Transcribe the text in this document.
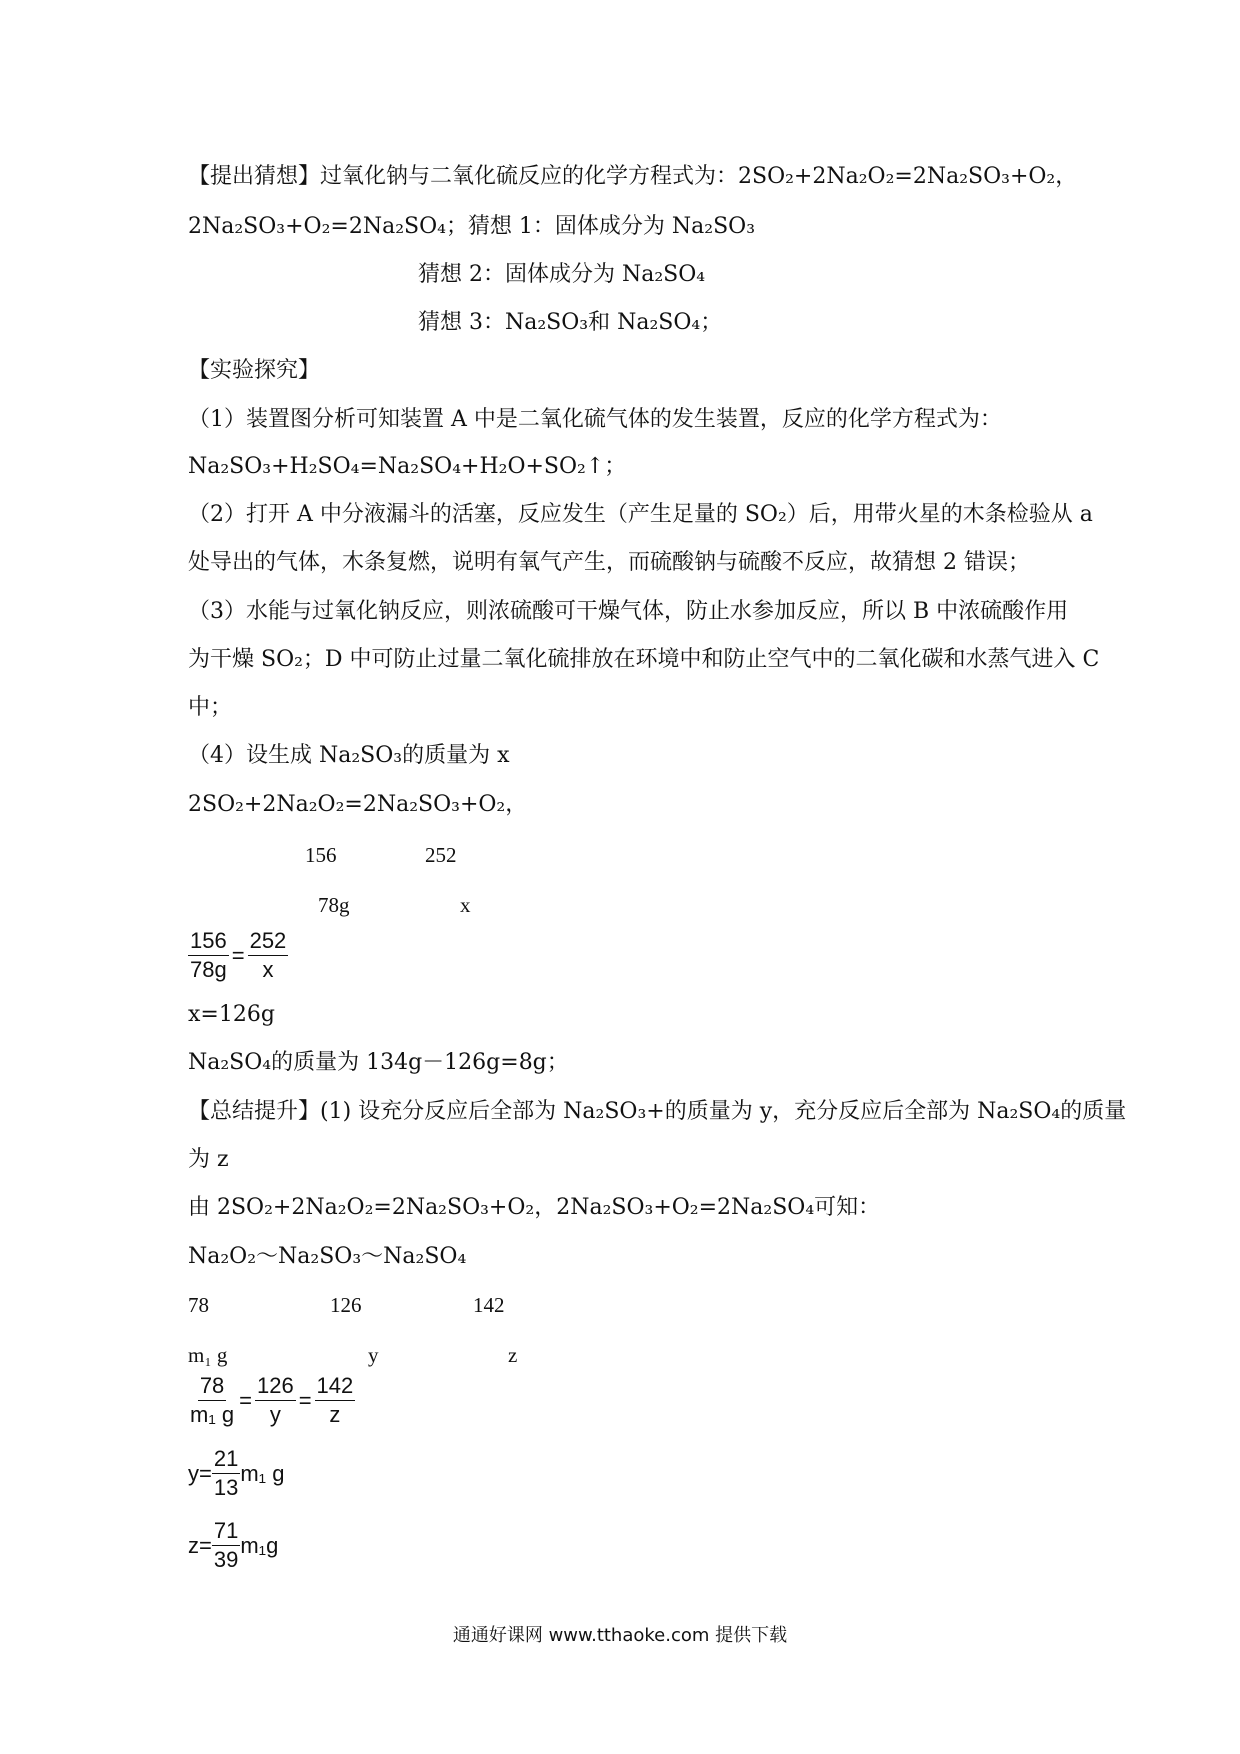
【提出猜想】过氧化钠与二氧化硫反应的化学方程式为：2SO₂+2Na₂O₂=2Na₂SO₃+O₂，
2Na₂SO₃+O₂=2Na₂SO₄；猜想 1：固体成分为 Na₂SO₃
猜想 2：固体成分为 Na₂SO₄
猜想 3：Na₂SO₃和 Na₂SO₄；
【实验探究】
（1）装置图分析可知装置 A 中是二氧化硫气体的发生装置，反应的化学方程式为：
Na₂SO₃+H₂SO₄=Na₂SO₄+H₂O+SO₂↑；
（2）打开 A 中分液漏斗的活塞，反应发生（产生足量的 SO₂）后，用带火星的木条检验从 a
处导出的气体，木条复燃，说明有氧气产生，而硫酸钠与硫酸不反应，故猜想 2 错误；
（3）水能与过氧化钠反应，则浓硫酸可干燥气体，防止水参加反应，所以 B 中浓硫酸作用
为干燥 SO₂；D 中可防止过量二氧化硫排放在环境中和防止空气中的二氧化碳和水蒸气进入 C
中；
（4）设生成 Na₂SO₃的质量为 x
2SO₂+2Na₂O₂=2Na₂SO₃+O₂，
156	252
78g	x
$\frac{156}{78g} = \frac{252}{x}$
x=126g
Na₂SO₄的质量为 134g－126g=8g；
【总结提升】(1) 设充分反应后全部为 Na₂SO₃+的质量为 y，充分反应后全部为 Na₂SO₄的质量
为 z
由 2SO₂+2Na₂O₂=2Na₂SO₃+O₂，2Na₂SO₃+O₂=2Na₂SO₄可知：
Na₂O₂～Na₂SO₃～Na₂SO₄
78	126	142
m₁ g	y	z
$\frac{78}{\text{m₁ g}} = \frac{126}{y} = \frac{142}{z}$
$y= \frac{21}{13} m_1$ g
$z= \frac{71}{39} m_1g$
通通好课网 www.tthaoke.com 提供下载
